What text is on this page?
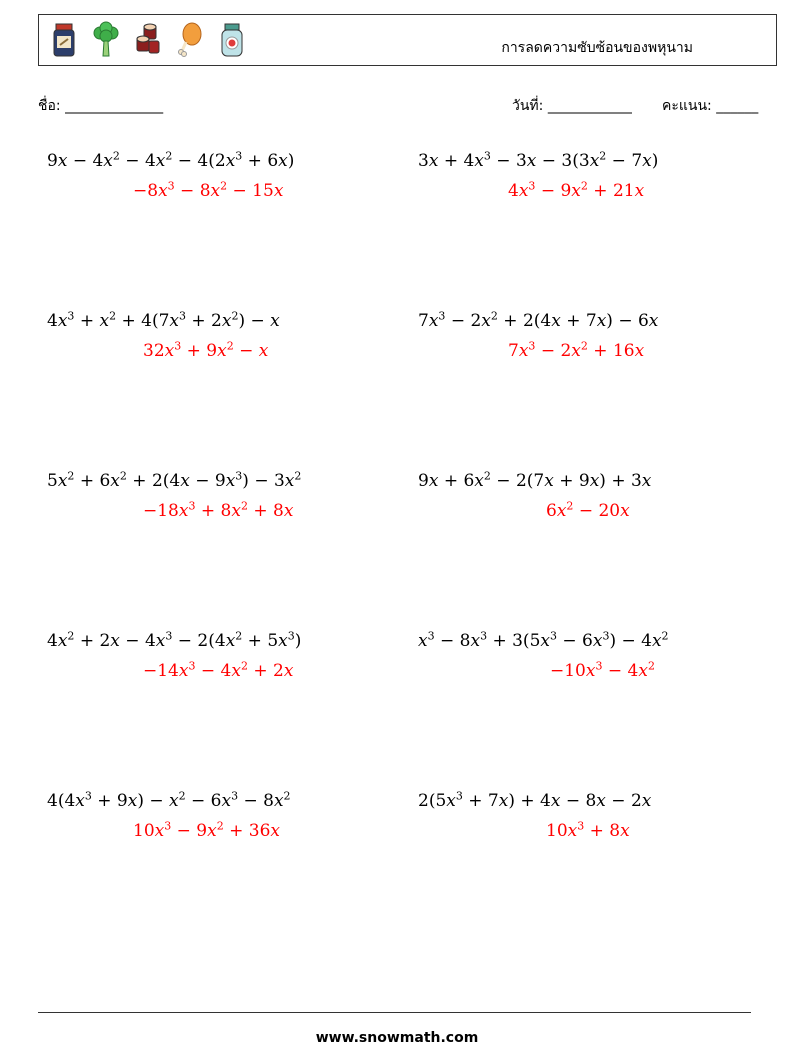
การลดความซับซ้อนของพหุนาม
ชื่อ: ______________	วันที่: ____________ คะแนน: ______
$9x - 4x^2 - 4x^2 - 4(2x^3 + 6x)$
$-8x^3 - 8x^2 - 15x$
$3x + 4x^3 - 3x - 3(3x^2 - 7x)$
$4x^3 - 9x^2 + 21x$
$4x^3 + x^2 + 4(7x^3 + 2x^2) - x$
$32x^3 + 9x^2 - x$
$7x^3 - 2x^2 + 2(4x + 7x) - 6x$
$7x^3 - 2x^2 + 16x$
$5x^2 + 6x^2 + 2(4x - 9x^3) - 3x^2$
$-18x^3 + 8x^2 + 8x$
$9x + 6x^2 - 2(7x + 9x) + 3x$
$6x^2 - 20x$
$4x^2 + 2x - 4x^3 - 2(4x^2 + 5x^3)$
$-14x^3 - 4x^2 + 2x$
$x^3 - 8x^3 + 3(5x^3 - 6x^3) - 4x^2$
$-10x^3 - 4x^2$
$4(4x^3 + 9x) - x^2 - 6x^3 - 8x^2$
$10x^3 - 9x^2 + 36x$
$2(5x^3 + 7x) + 4x - 8x - 2x$
$10x^3 + 8x$
www.snowmath.com
